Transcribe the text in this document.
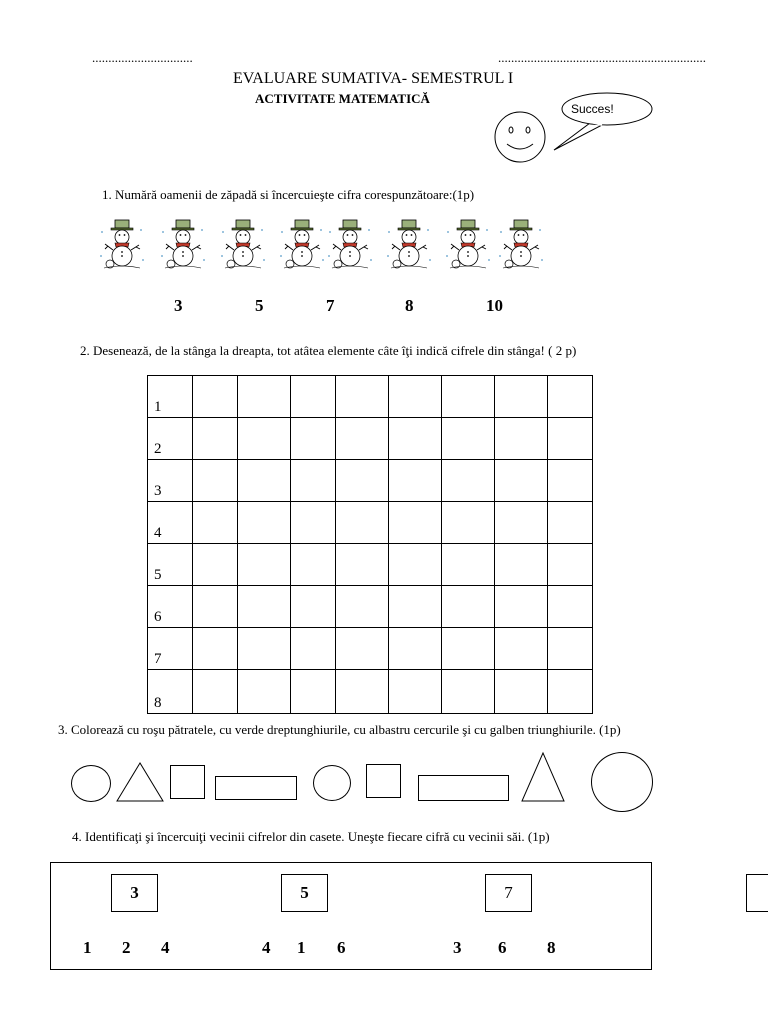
...............................	................................................................
EVALUARE SUMATIVA- SEMESTRUL I
ACTIVITATE MATEMATICĂ
Succes!
1. Numără oamenii de zăpadă si încercuieşte cifra corespunzătoare:(1p)
3	5	7	8	10
2. Desenează, de la stânga la dreapta, tot atâtea elemente câte îţi indică cifrele din stânga! ( 2 p)
1								
2								
3								
4								
5								
6								
7								
8								
3. Colorează cu roşu pătratele, cu verde dreptunghiurile, cu albastru cercurile şi cu galben triunghiurile. (1p)
4. Identificaţi şi încercuiţi vecinii cifrelor din casete. Uneşte fiecare cifră cu vecinii săi. (1p)
3	5	7
1 2 4	4 1 6	3 6 8
